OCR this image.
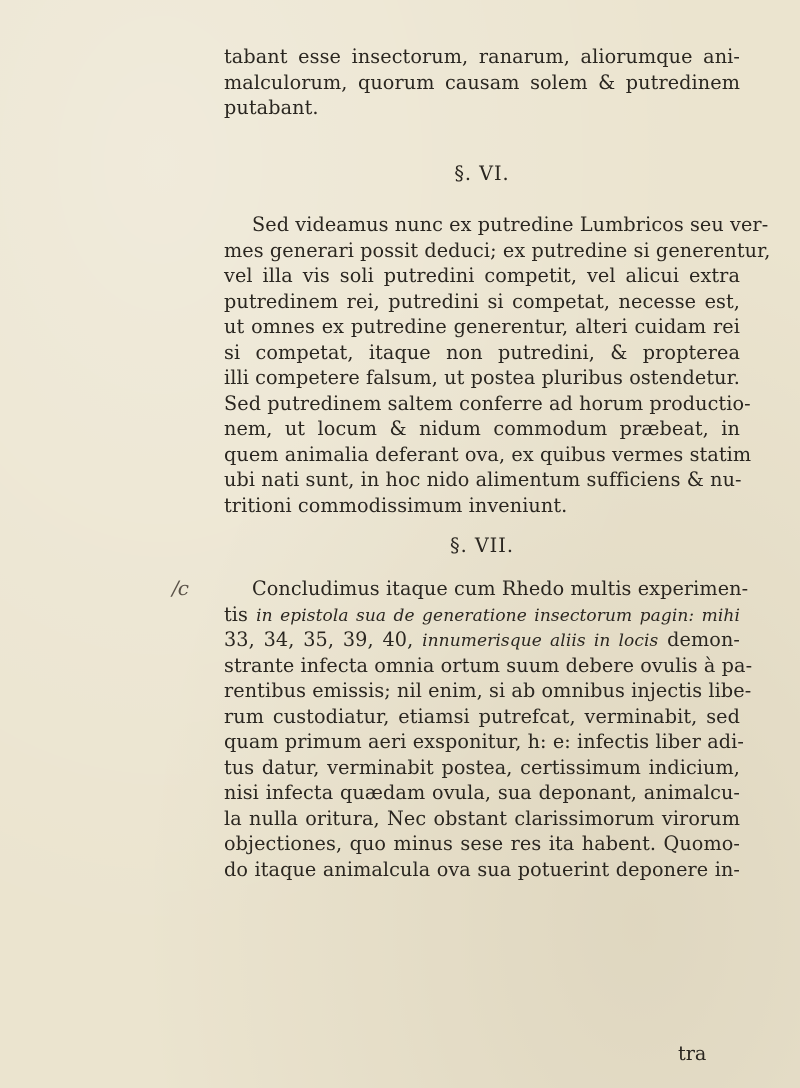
tabant esse insectorum, ranarum, aliorumque ani-
malculorum, quorum causam solem & putredinem
putabant.
§. VI.
Sed videamus nunc ex putredine Lumbricos seu ver-
mes generari possit deduci; ex putredine si generentur,
vel illa vis soli putredini competit, vel alicui extra
putredinem rei, putredini si competat, necesse est,
ut omnes ex putredine generentur, alteri cuidam rei
si competat, itaque non putredini, & propterea
illi competere falsum, ut postea pluribus ostendetur.
Sed putredinem saltem conferre ad horum productio-
nem, ut locum & nidum commodum præbeat, in
quem animalia deferant ova, ex quibus vermes statim
ubi nati sunt, in hoc nido alimentum sufficiens & nu-
tritioni commodissimum inveniunt.
§. VII.
/c	Concludimus itaque cum Rhedo multis experimen-
tis in epistola sua de generatione insectorum pagin: mihi
33, 34, 35, 39, 40, innumerisque aliis in locis demon-
strante infecta omnia ortum suum debere ovulis à pa-
rentibus emissis; nil enim, si ab omnibus injectis libe-
rum custodiatur, etiamsi putrefcat, verminabit, sed
quam primum aeri exsponitur, h: e: infectis liber adi-
tus datur, verminabit postea, certissimum indicium,
nisi infecta quædam ovula, sua deponant, animalcu-
la nulla oritura, Nec obstant clarissimorum virorum
objectiones, quo minus sese res ita habent. Quomo-
do itaque animalcula ova sua potuerint deponere in-
tra
